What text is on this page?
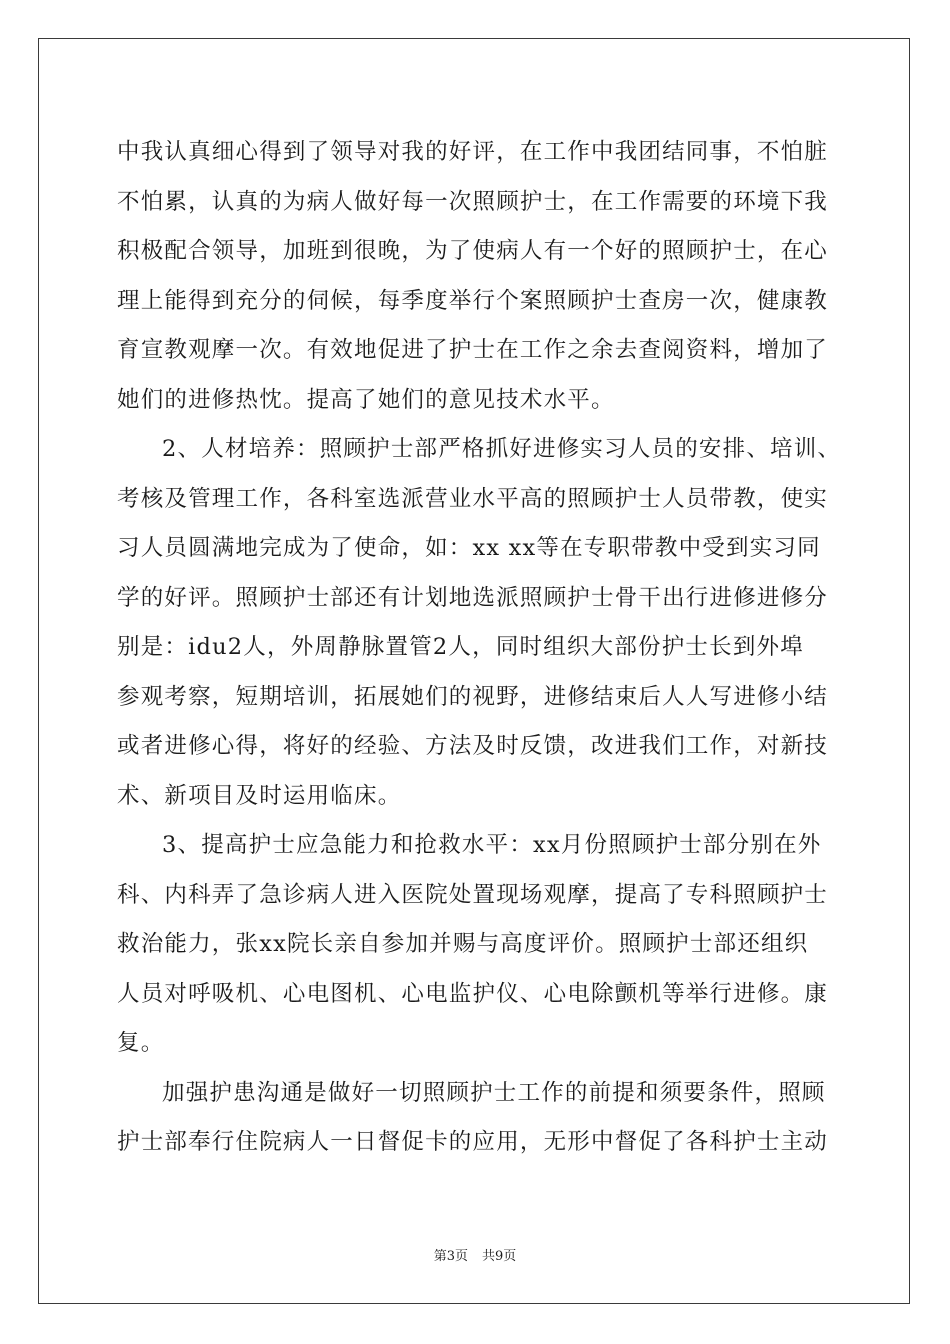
中我认真细心得到了领导对我的好评，在工作中我团结同事，不怕脏
不怕累，认真的为病人做好每一次照顾护士，在工作需要的环境下我
积极配合领导，加班到很晚，为了使病人有一个好的照顾护士，在心
理上能得到充分的伺候，每季度举行个案照顾护士查房一次，健康教
育宣教观摩一次。有效地促进了护士在工作之余去查阅资料，增加了
她们的进修热忱。提高了她们的意见技术水平。
2、人材培养：照顾护士部严格抓好进修实习人员的安排、培训、
考核及管理工作，各科室选派营业水平高的照顾护士人员带教，使实
习人员圆满地完成为了使命，如：xx xx等在专职带教中受到实习同
学的好评。照顾护士部还有计划地选派照顾护士骨干出行进修进修分
别是：idu2人，外周静脉置管2人，同时组织大部份护士长到外埠
参观考察，短期培训，拓展她们的视野，进修结束后人人写进修小结
或者进修心得，将好的经验、方法及时反馈，改进我们工作，对新技
术、新项目及时运用临床。
3、提高护士应急能力和抢救水平：xx月份照顾护士部分别在外
科、内科弄了急诊病人进入医院处置现场观摩，提高了专科照顾护士
救治能力，张xx院长亲自参加并赐与高度评价。照顾护士部还组织
人员对呼吸机、心电图机、心电监护仪、心电除颤机等举行进修。康
复。
加强护患沟通是做好一切照顾护士工作的前提和须要条件，照顾
护士部奉行住院病人一日督促卡的应用，无形中督促了各科护士主动
第3页 共9页
